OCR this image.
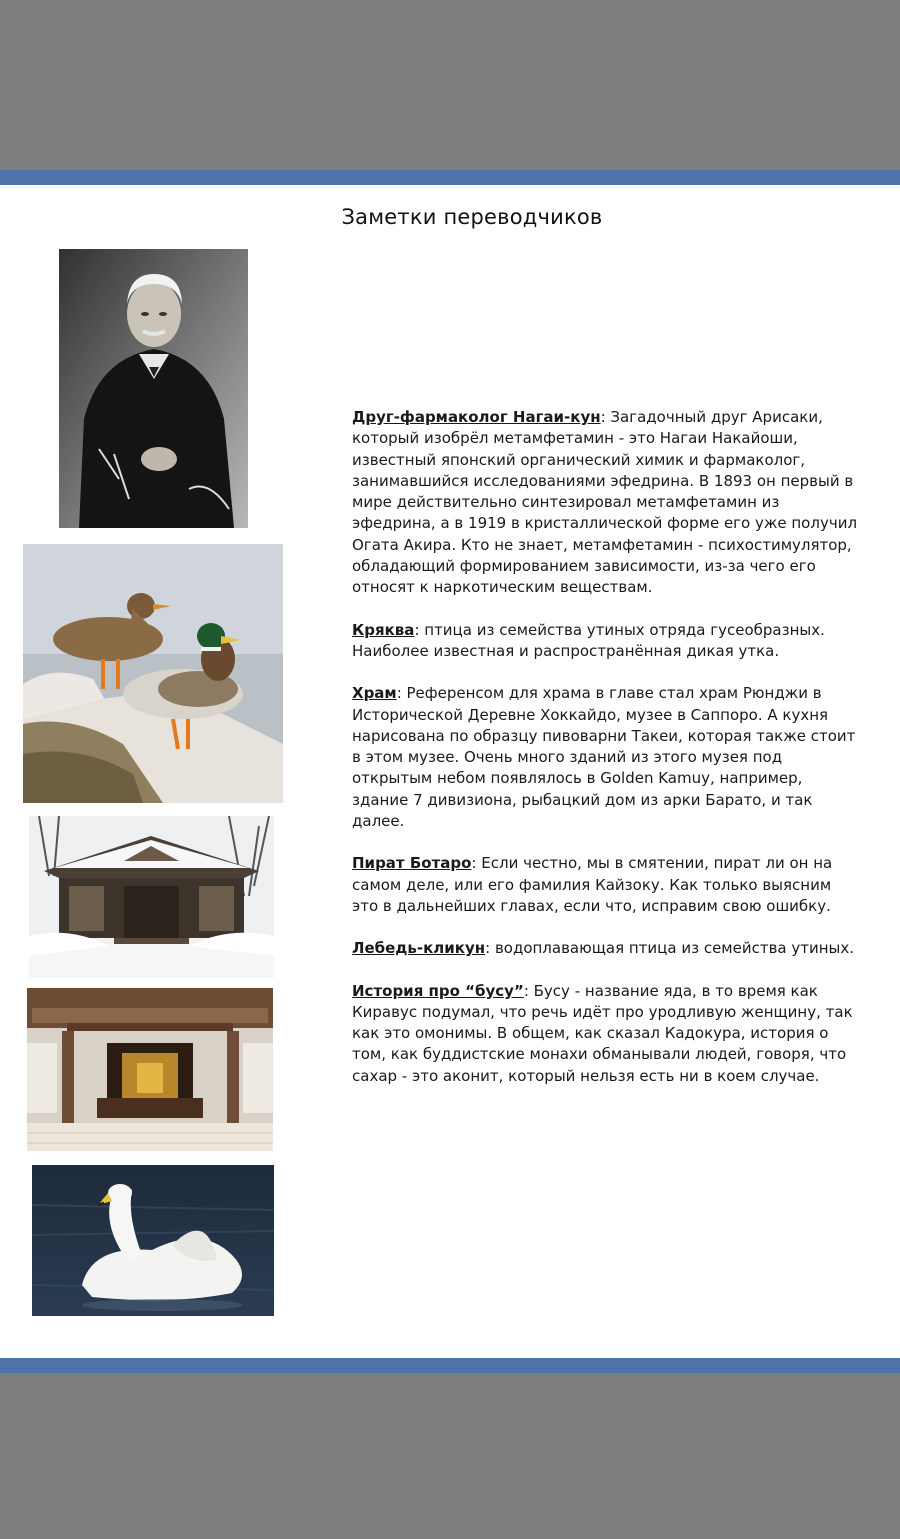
Заметки переводчиков

Друг-фармаколог Нагаи-кун: Загадочный друг Арисаки, который изобрёл метамфетамин - это Нагаи Накайоши, известный японский органический химик и фармаколог, занимавшийся исследованиями эфедрина. В 1893 он первый в мире действительно синтезировал метамфетамин из эфедрина, а в 1919 в кристаллической форме его уже получил Огата Акира. Кто не знает, метамфетамин - психостимулятор, обладающий формированием зависимости, из-за чего его относят к наркотическим веществам.

Кряква: птица из семейства утиных отряда гусеобразных. Наиболее известная и распространённая дикая утка.

Храм: Референсом для храма в главе стал храм Рюнджи в Исторической Деревне Хоккайдо, музее в Саппоро. А кухня нарисована по образцу пивоварни Такеи, которая также стоит в этом музее. Очень много зданий из этого музея под открытым небом появлялось в Golden Kamuy, например, здание 7 дивизиона, рыбацкий дом из арки Барато, и так далее.

Пират Ботаро: Если честно, мы в смятении, пират ли он на самом деле, или его фамилия Кайзоку. Как только выясним это в дальнейших главах, если что, исправим свою ошибку.

Лебедь-кликун: водоплавающая птица из семейства утиных.

История про “бусу”: Бусу - название яда, в то время как Киравус подумал, что речь идёт про уродливую женщину, так как это омонимы. В общем, как сказал Кадокура, история о том, как буддистские монахи обманывали людей, говоря, что сахар - это аконит, который нельзя есть ни в коем случае.
